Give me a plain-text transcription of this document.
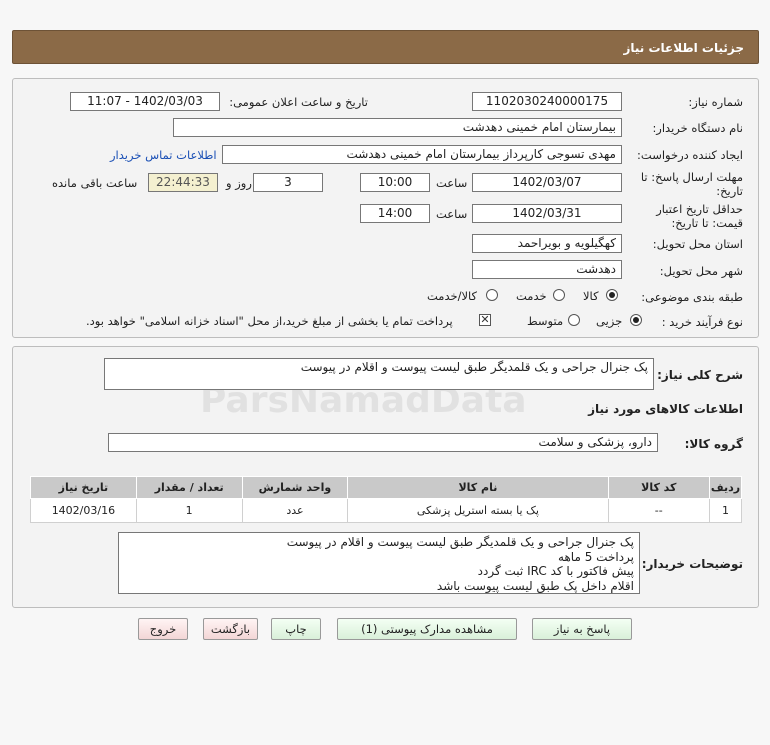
جزئیات اطلاعات نیاز
شماره نیاز:
1102030240000175
تاریخ و ساعت اعلان عمومی:
1402/03/03 - 11:07
نام دستگاه خریدار:
بیمارستان امام خمینی دهدشت
ایجاد کننده درخواست:
مهدی تسوجی کارپرداز بیمارستان امام خمینی دهدشت
اطلاعات تماس خریدار
مهلت ارسال پاسخ: تا
تاریخ:
1402/03/07
ساعت
10:00
3
روز و
22:44:33
ساعت باقی مانده
حداقل تاریخ اعتبار
قیمت: تا تاریخ:
1402/03/31
ساعت
14:00
استان محل تحویل:
کهگیلویه و بویراحمد
شهر محل تحویل:
دهدشت
طبقه بندی موضوعی:
کالا
خدمت
کالا/خدمت
نوع فرآیند خرید :
جزیی
متوسط
✕
پرداخت تمام یا بخشی از مبلغ خرید،از محل "اسناد خزانه اسلامی" خواهد بود.
شرح کلی نیاز:
پک جنرال جراحی و یک قلمدیگر طبق لیست پیوست و اقلام در پیوست
اطلاعات کالاهای مورد نیاز
گروه کالا:
دارو، پزشکی و سلامت
ردیف	کد کالا	نام کالا	واحد شمارش	تعداد / مقدار	تاریخ نیاز
1	--	پک یا بسته استریل پزشکی	عدد	1	1402/03/16
توضیحات خریدار:
پک جنرال جراحی و یک قلمدیگر طبق لیست پیوست و اقلام در پیوست
پرداخت 5 ماهه
پیش فاکتور با کد IRC ثبت گردد
اقلام داخل پک طبق لیست پیوست باشد
پاسخ به نیاز
مشاهده مدارک پیوستی (1)
چاپ
بازگشت
خروج
